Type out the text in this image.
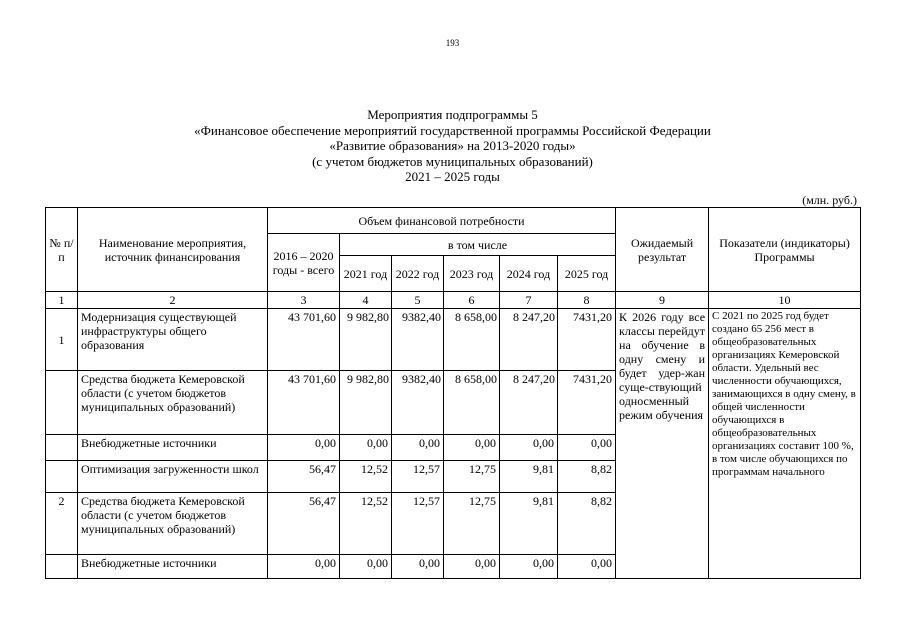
193
Мероприятия подпрограммы 5
«Финансовое обеспечение мероприятий государственной программы Российской Федерации
«Развитие образования» на 2013-2020 годы»
(с учетом бюджетов муниципальных образований)
2021 – 2025 годы
(млн. руб.)
№ п/п	Наименование мероприятия, источник финансирования	Объем финансовой потребности						Ожидаемый результат	Показатели (индикаторы) Программы
		2016 – 2020 годы - всего	в том числе						
			2021 год	2022 год	2023 год	2024 год	2025 год		
1	2	3	4	5	6	7	8	9	10
1	Модернизация существующей инфраструктуры общего образования	43 701,60	9 982,80	9382,40	8 658,00	8 247,20	7431,20	К 2026 году все классы перейдут на обучение в одну смену и будет удер-жан суще-ствующий односменный режим обучения	С 2021 по 2025 год будет создано 65 256 мест в общеобразовательных организациях Кемеровской области. Удельный вес численности обучающихся, занимающихся в одну смену, в общей численности обучающихся в общеобразовательных организациях составит 100 %, в том числе обучающихся по программам начального
	Средства бюджета Кемеровской области (с учетом бюджетов муниципальных образований)	43 701,60	9 982,80	9382,40	8 658,00	8 247,20	7431,20		
	Внебюджетные источники	0,00	0,00	0,00	0,00	0,00	0,00		
	Оптимизация загруженности школ	56,47	12,52	12,57	12,75	9,81	8,82		
2	Средства бюджета Кемеровской области (с учетом бюджетов муниципальных образований)	56,47	12,52	12,57	12,75	9,81	8,82		
	Внебюджетные источники	0,00	0,00	0,00	0,00	0,00	0,00		
